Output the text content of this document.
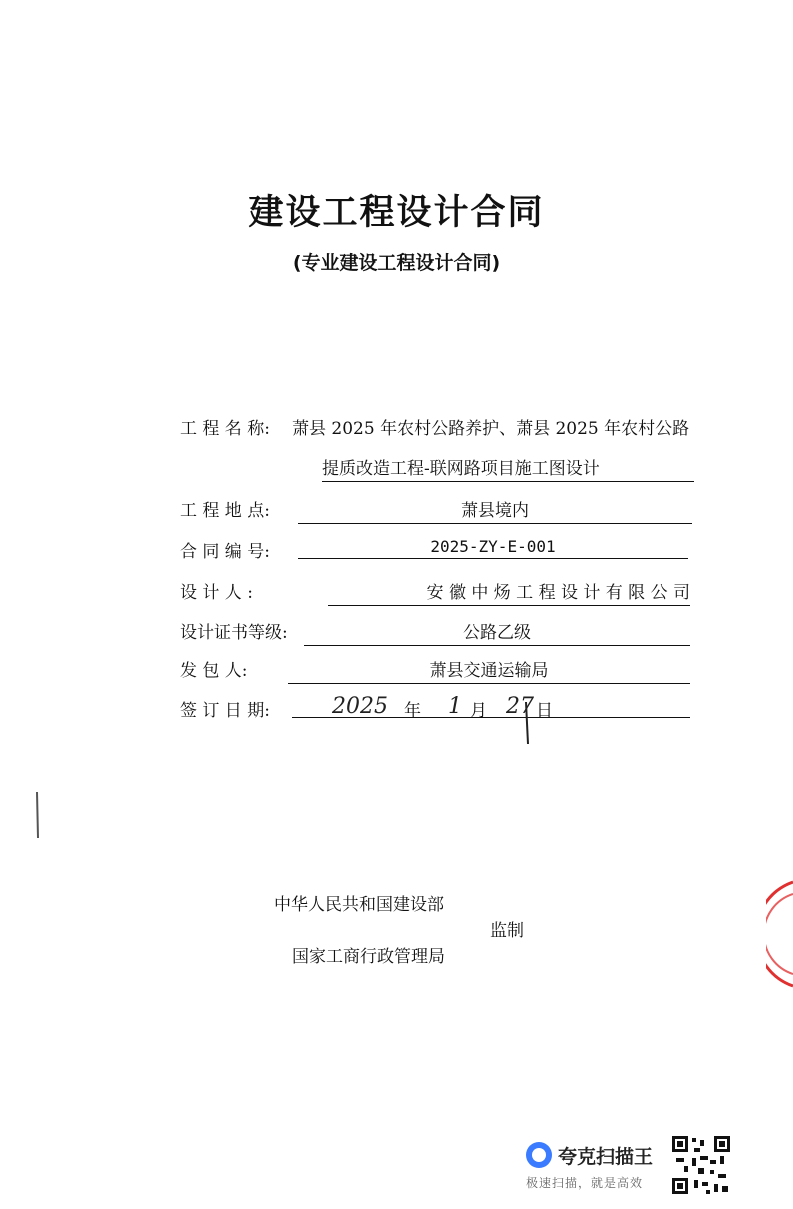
建设工程设计合同
(专业建设工程设计合同)
工 程 名 称: 萧县 2025 年农村公路养护、萧县 2025 年农村公路
提质改造工程-联网路项目施工图设计
工 程 地 点:	萧县境内
合 同 编 号:	2025-ZY-E-001
设 计 人 :	安 徽 中 炀 工 程 设 计 有 限 公 司
设计证书等级:	公路乙级
发 包 人:	萧县交通运输局
签 订 日 期:	2025 年 1 月 27 日
中华人民共和国建设部
监制
国家工商行政管理局
夸克扫描王
极速扫描，就是高效
